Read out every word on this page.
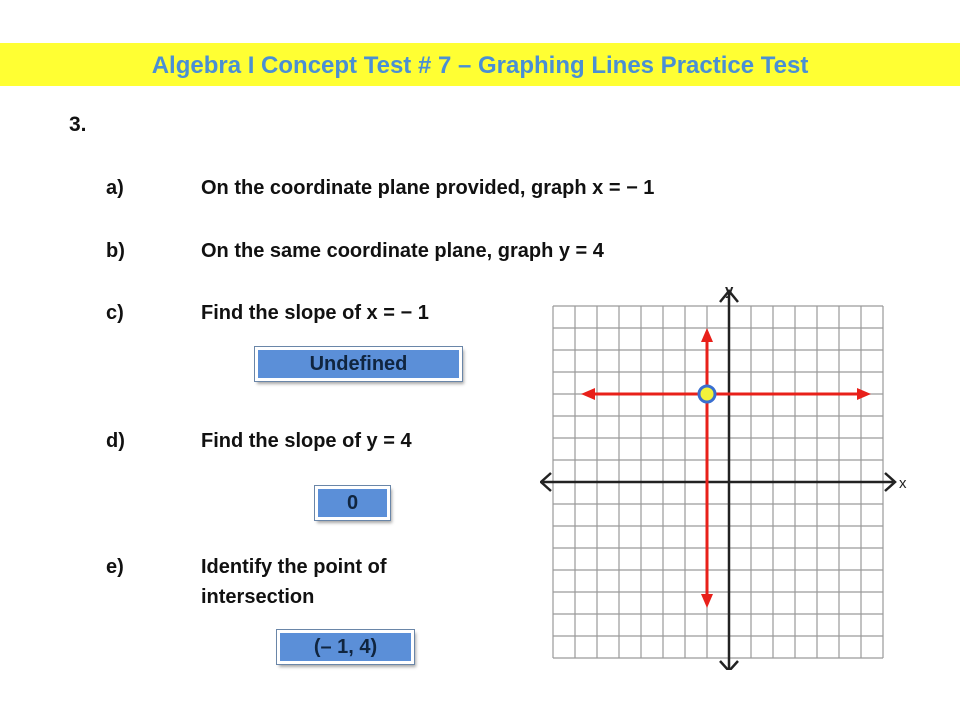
Algebra I Concept Test # 7 – Graphing Lines Practice Test
3.
a)	On the coordinate plane provided, graph x = − 1
b)	On the same coordinate plane, graph y = 4
c)	Find the slope of x = − 1
Undefined
d)	Find the slope of y = 4
0
e)	Identify the point of
intersection
(– 1, 4)
x
y
